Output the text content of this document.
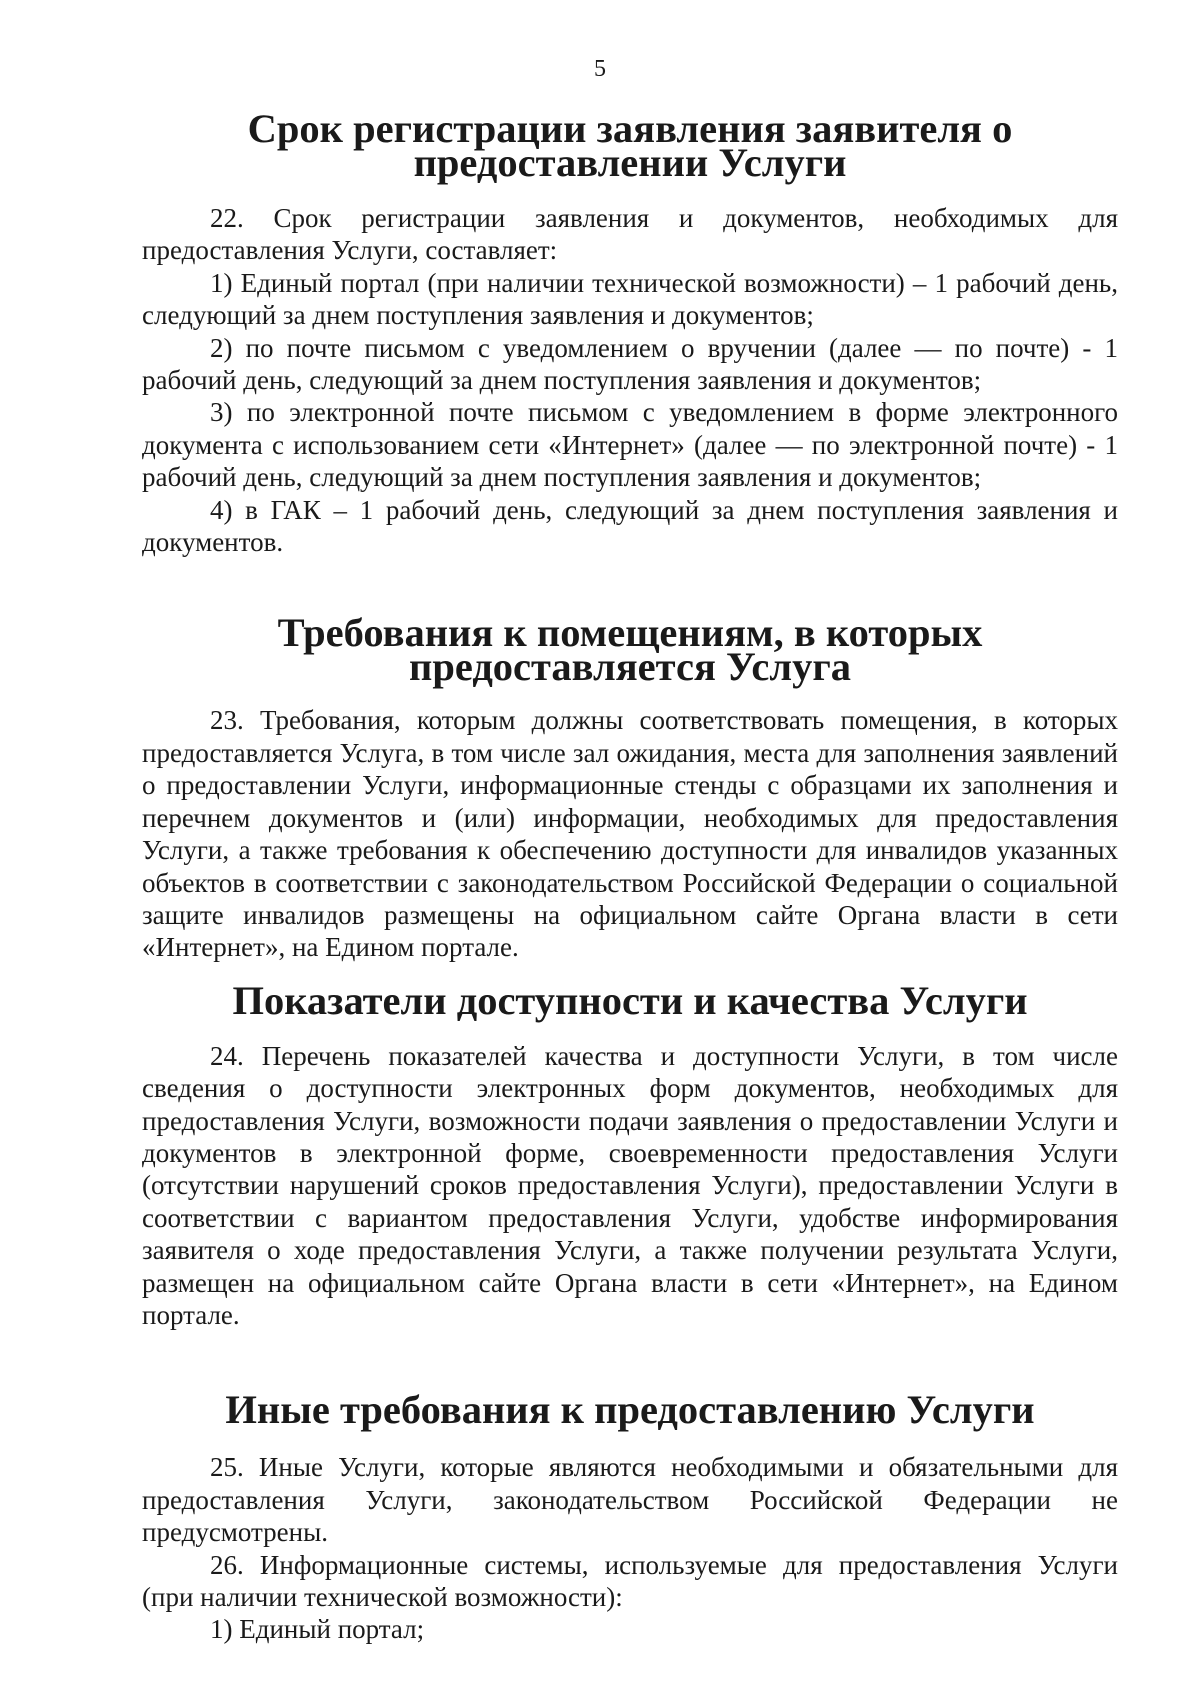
5
Срок регистрации заявления заявителя о предоставлении Услуги

22. Срок регистрации заявления и документов, необходимых для предоставления Услуги, составляет:

1) Единый портал (при наличии технической возможности) – 1 рабочий день, следующий за днем поступления заявления и документов;

2) по почте письмом с уведомлением о вручении (далее — по почте) - 1 рабочий день, следующий за днем поступления заявления и документов;

3) по электронной почте письмом с уведомлением в форме электронного документа с использованием сети «Интернет» (далее — по электронной почте) - 1 рабочий день, следующий за днем поступления заявления и документов;

4) в ГАК – 1 рабочий день, следующий за днем поступления заявления и документов.

Требования к помещениям, в которых предоставляется Услуга

23. Требования, которым должны соответствовать помещения, в которых предоставляется Услуга, в том числе зал ожидания, места для заполнения заявлений о предоставлении Услуги, информационные стенды с образцами их заполнения и перечнем документов и (или) информации, необходимых для предоставления Услуги, а также требования к обеспечению доступности для инвалидов указанных объектов в соответствии с законодательством Российской Федерации о социальной защите инвалидов размещены на официальном сайте Органа власти в сети «Интернет», на Едином портале.

Показатели доступности и качества Услуги

24. Перечень показателей качества и доступности Услуги, в том числе сведения о доступности электронных форм документов, необходимых для предоставления Услуги, возможности подачи заявления о предоставлении Услуги и документов в электронной форме, своевременности предоставления Услуги (отсутствии нарушений сроков предоставления Услуги), предоставлении Услуги в соответствии с вариантом предоставления Услуги, удобстве информирования заявителя о ходе предоставления Услуги, а также получении результата Услуги, размещен на официальном сайте Органа власти в сети «Интернет», на Едином портале.

Иные требования к предоставлению Услуги

25. Иные Услуги, которые являются необходимыми и обязательными для предоставления Услуги, законодательством Российской Федерации не предусмотрены.

26. Информационные системы, используемые для предоставления Услуги (при наличии технической возможности):

1) Единый портал;
